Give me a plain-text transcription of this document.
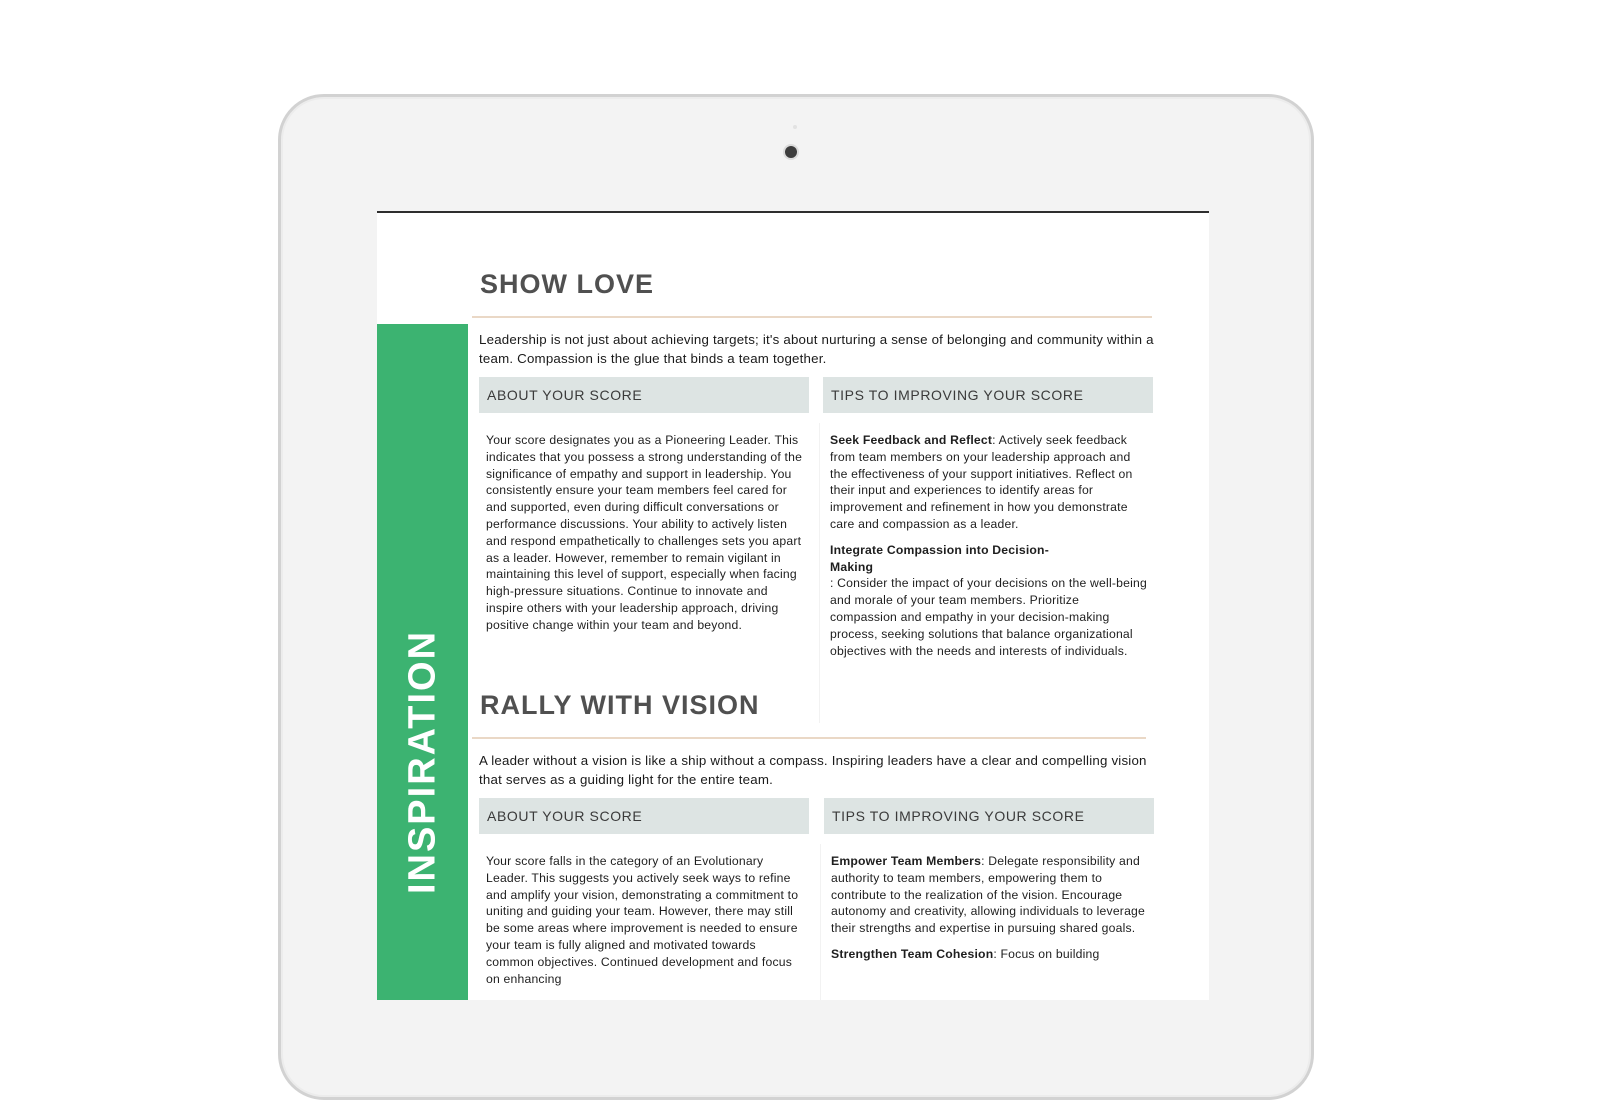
INSPIRATION
SHOW LOVE
Leadership is not just about achieving targets; it's about nurturing a sense of belonging and community within a team. Compassion is the glue that binds a team together.
ABOUT YOUR SCORE	TIPS TO IMPROVING YOUR SCORE
Your score designates you as a Pioneering Leader. This indicates that you possess a strong understanding of the significance of empathy and support in leadership. You consistently ensure your team members feel cared for and supported, even during difficult conversations or performance discussions. Your ability to actively listen and respond empathetically to challenges sets you apart as a leader. However, remember to remain vigilant in maintaining this level of support, especially when facing high-pressure situations. Continue to innovate and inspire others with your leadership approach, driving positive change within your team and beyond.

Seek Feedback and Reflect: Actively seek feedback from team members on your leadership approach and the effectiveness of your support initiatives. Reflect on their input and experiences to identify areas for improvement and refinement in how you demonstrate care and compassion as a leader.

Integrate Compassion into Decision-Making

: Consider the impact of your decisions on the well-being and morale of your team members. Prioritize compassion and empathy in your decision-making process, seeking solutions that balance organizational objectives with the needs and interests of individuals.

RALLY WITH VISION
A leader without a vision is like a ship without a compass. Inspiring leaders have a clear and compelling vision that serves as a guiding light for the entire team.
ABOUT YOUR SCORE	TIPS TO IMPROVING YOUR SCORE
Your score falls in the category of an Evolutionary Leader. This suggests you actively seek ways to refine and amplify your vision, demonstrating a commitment to uniting and guiding your team. However, there may still be some areas where improvement is needed to ensure your team is fully aligned and motivated towards common objectives. Continued development and focus on enhancing

Empower Team Members: Delegate responsibility and authority to team members, empowering them to contribute to the realization of the vision. Encourage autonomy and creativity, allowing individuals to leverage their strengths and expertise in pursuing shared goals.

Strengthen Team Cohesion: Focus on building
